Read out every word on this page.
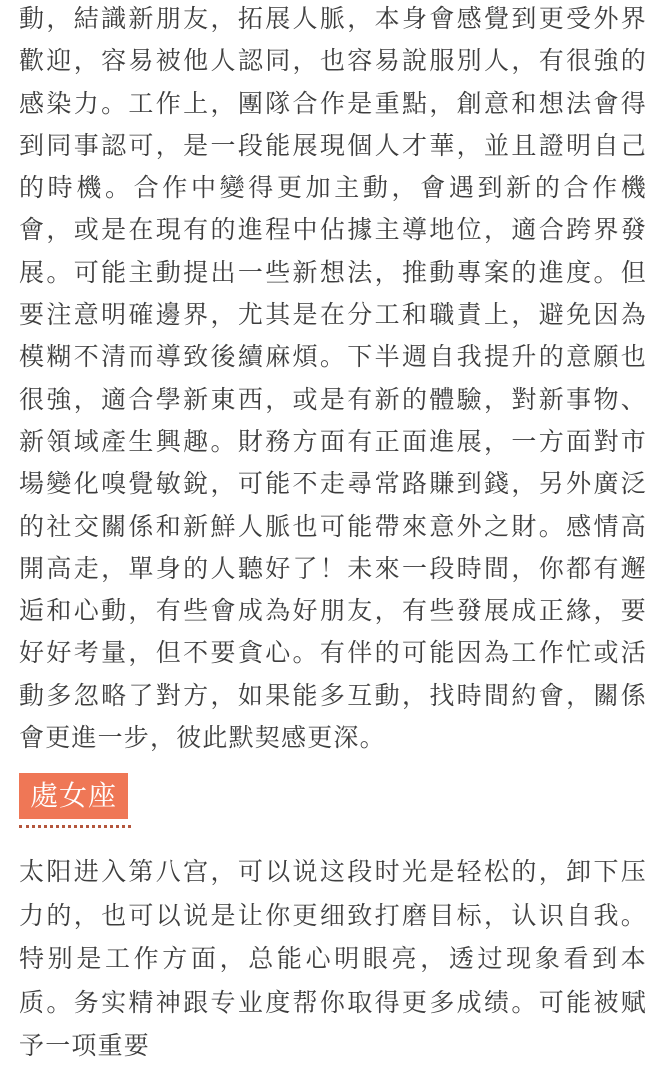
動，結識新朋友，拓展人脈，本身會感覺到更受外界歡迎，容易被他人認同，也容易說服別人，有很強的感染力。工作上，團隊合作是重點，創意和想法會得到同事認可，是一段能展現個人才華，並且證明自己的時機。合作中變得更加主動，會遇到新的合作機會，或是在現有的進程中佔據主導地位，適合跨界發展。可能主動提出一些新想法，推動專案的進度。但要注意明確邊界，尤其是在分工和職責上，避免因為模糊不清而導致後續麻煩。下半週自我提升的意願也很強，適合學新東西，或是有新的體驗，對新事物、新領域產生興趣。財務方面有正面進展，一方面對市場變化嗅覺敏銳，可能不走尋常路賺到錢，另外廣泛的社交關係和新鮮人脈也可能帶來意外之財。感情高開高走，單身的人聽好了！未來一段時間，你都有邂逅和心動，有些會成為好朋友，有些發展成正緣，要好好考量，但不要貪心。有伴的可能因為工作忙或活動多忽略了對方，如果能多互動，找時間約會，關係會更進一步，彼此默契感更深。

處女座

太阳进入第八宫，可以说这段时光是轻松的，卸下压力的，也可以说是让你更细致打磨目标，认识自我。特别是工作方面，总能心明眼亮，透过现象看到本质。务实精神跟专业度帮你取得更多成绩。可能被赋予一项重要
